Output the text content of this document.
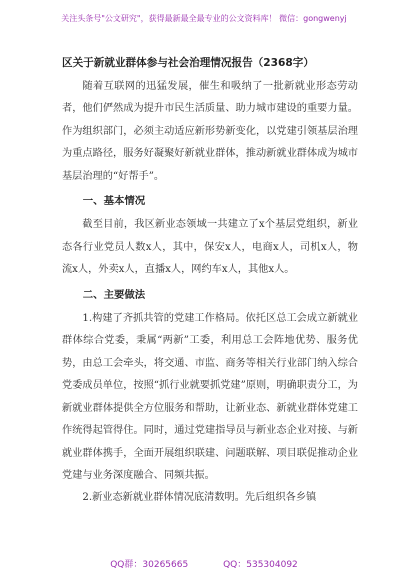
关注头条号"公文研究"，获得最新最全最专业的公文资料库！ 微信：gongwenyj
区关于新就业群体参与社会治理情况报告（2368字）

随着互联网的迅猛发展，催生和吸纳了一批新就业形态劳动者，他们俨然成为提升市民生活质量、助力城市建设的重要力量。作为组织部门，必须主动适应新形势新变化，以党建引领基层治理为重点路径，服务好凝聚好新就业群体，推动新就业群体成为城市基层治理的“好帮手”。

一、基本情况

截至目前，我区新业态领域一共建立了x个基层党组织，新业态各行业党员人数x人，其中，保安x人，电商x人，司机x人，物流x人，外卖x人，直播x人，网约车x人，其他x人。

二、主要做法

1.构建了齐抓共管的党建工作格局。依托区总工会成立新就业群体综合党委，秉属“两新”工委，利用总工会阵地优势、服务优势，由总工会牵头，将交通、市监、商务等相关行业部门纳入综合党委成员单位，按照“抓行业就要抓党建”原则，明确职责分工，为新就业群体提供全方位服务和帮助，让新业态、新就业群体党建工作统得起管得住。同时，通过党建指导员与新业态企业对接、与新就业群体携手，全面开展组织联建、问题联解、项目联促推动企业党建与业务深度融合、同频共振。

2.新业态新就业群体情况底清数明。先后组织各乡镇

QQ群：30265665	QQ：535304092
